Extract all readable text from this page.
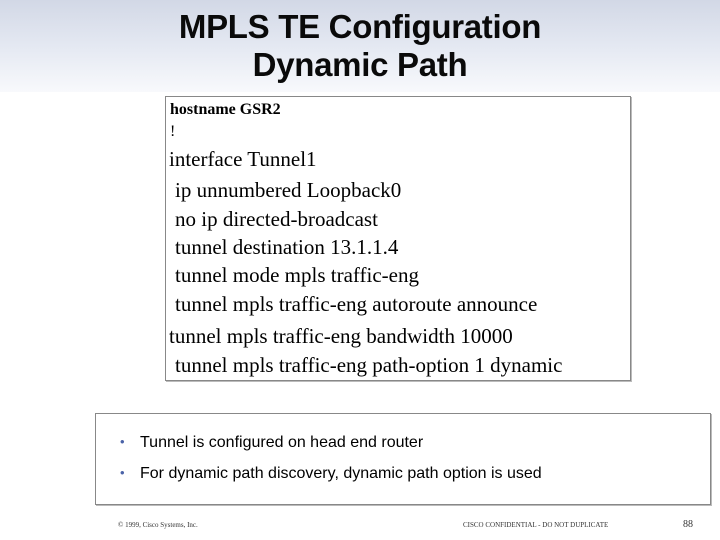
MPLS TE Configuration
Dynamic Path
hostname GSR2
!
interface Tunnel1
ip unnumbered Loopback0
no ip directed-broadcast
tunnel destination 13.1.1.4
tunnel mode mpls traffic-eng
tunnel mpls traffic-eng autoroute announce
tunnel mpls traffic-eng bandwidth 10000
tunnel mpls traffic-eng path-option 1 dynamic
• Tunnel is configured on head end router
• For dynamic path discovery, dynamic path option is used
© 1999, Cisco Systems, Inc.	CISCO CONFIDENTIAL - DO NOT DUPLICATE	88
